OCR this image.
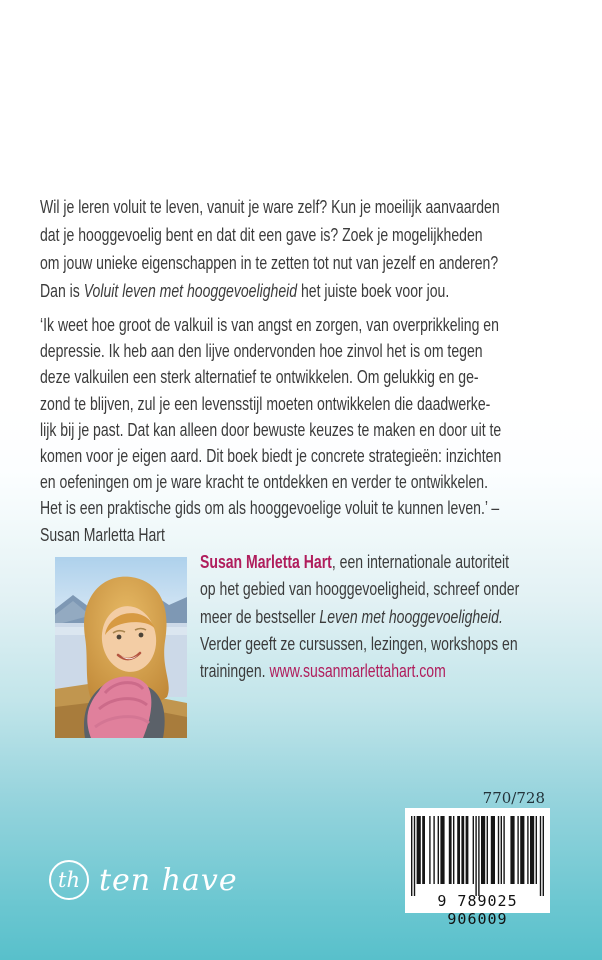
Wil je leren voluit te leven, vanuit je ware zelf? Kun je moeilijk aanvaarden
dat je hooggevoelig bent en dat dit een gave is? Zoek je mogelijkheden
om jouw unieke eigenschappen in te zetten tot nut van jezelf en anderen?
Dan is Voluit leven met hooggevoeligheid het juiste boek voor jou.
‘Ik weet hoe groot de valkuil is van angst en zorgen, van overprikkeling en
depressie. Ik heb aan den lijve ondervonden hoe zinvol het is om tegen
deze valkuilen een sterk alternatief te ontwikkelen. Om gelukkig en ge-
zond te blijven, zul je een levensstijl moeten ontwikkelen die daadwerke-
lijk bij je past. Dat kan alleen door bewuste keuzes te maken en door uit te
komen voor je eigen aard. Dit boek biedt je concrete strategieën: inzichten
en oefeningen om je ware kracht te ontdekken en verder te ontwikkelen.
Het is een praktische gids om als hooggevoelige voluit te kunnen leven.’ –
Susan Marletta Hart
Susan Marletta Hart, een internationale autoriteit
op het gebied van hooggevoeligheid, schreef onder
meer de bestseller Leven met hooggevoeligheid.
Verder geeft ze cursussen, lezingen, workshops en
trainingen. www.susanmarlettahart.com
770/728
9 789025 906009
th ten have
